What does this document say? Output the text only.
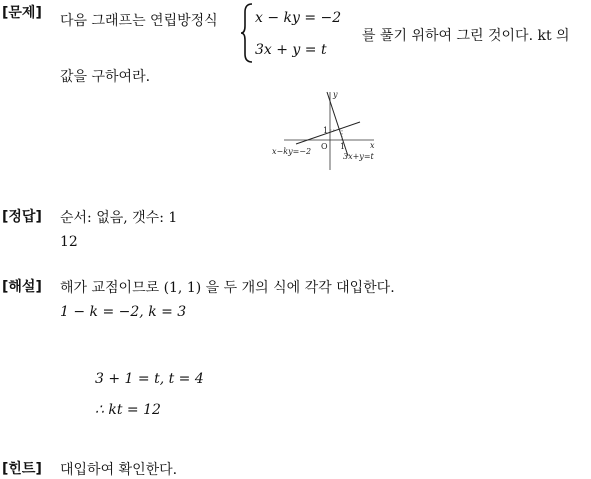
[문제] 다음 그래프는 연립방정식	x − ky = −2
3x + y = t
를 풀기 위하여 그린 것이다. kt 의
값을 구하여라.
y
x
O 1
1
x−ky=−2
3x+y=t
[정답] 순서: 없음, 갯수: 1
12
[해설] 해가 교점이므로 (1, 1) 을 두 개의 식에 각각 대입한다.
1 − k = −2, k = 3
3 + 1 = t, t = 4
∴ kt = 12
[힌트] 대입하여 확인한다.
